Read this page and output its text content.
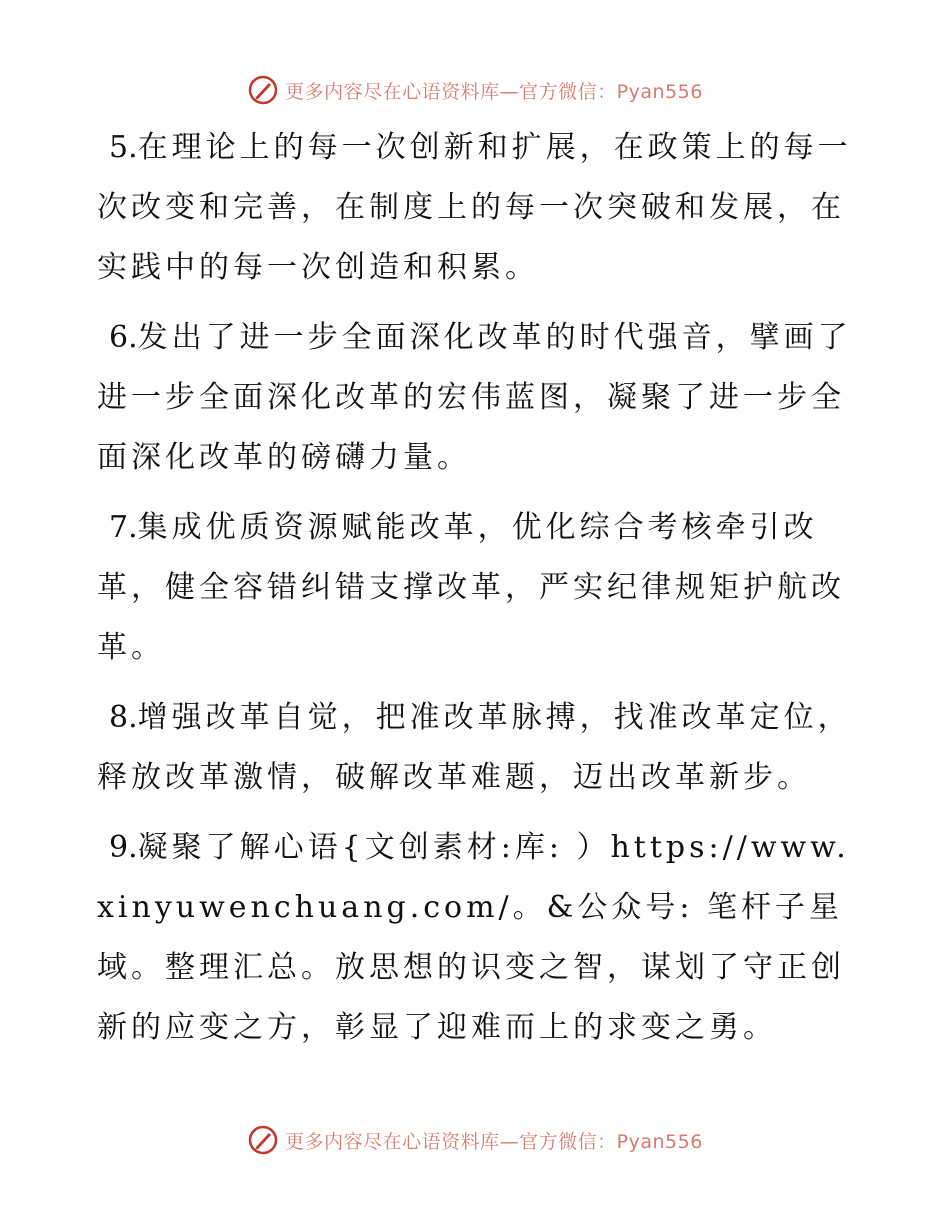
更多内容尽在心语资料库—官方微信：Pyan556

5.在理论上的每一次创新和扩展，在政策上的每一次改变和完善，在制度上的每一次突破和发展，在实践中的每一次创造和积累。

6.发出了进一步全面深化改革的时代强音，擘画了进一步全面深化改革的宏伟蓝图，凝聚了进一步全面深化改革的磅礴力量。

7.集成优质资源赋能改革，优化综合考核牵引改革，健全容错纠错支撑改革，严实纪律规矩护航改革。

8.增强改革自觉，把准改革脉搏，找准改革定位，释放改革激情，破解改革难题，迈出改革新步。

9.凝聚了解心语{文创素材:库: ）https://www.xinyuwenchuang.com/。&公众号: 笔杆子星域。整理汇总。放思想的识变之智，谋划了守正创新的应变之方，彰显了迎难而上的求变之勇。

更多内容尽在心语资料库—官方微信：Pyan556
